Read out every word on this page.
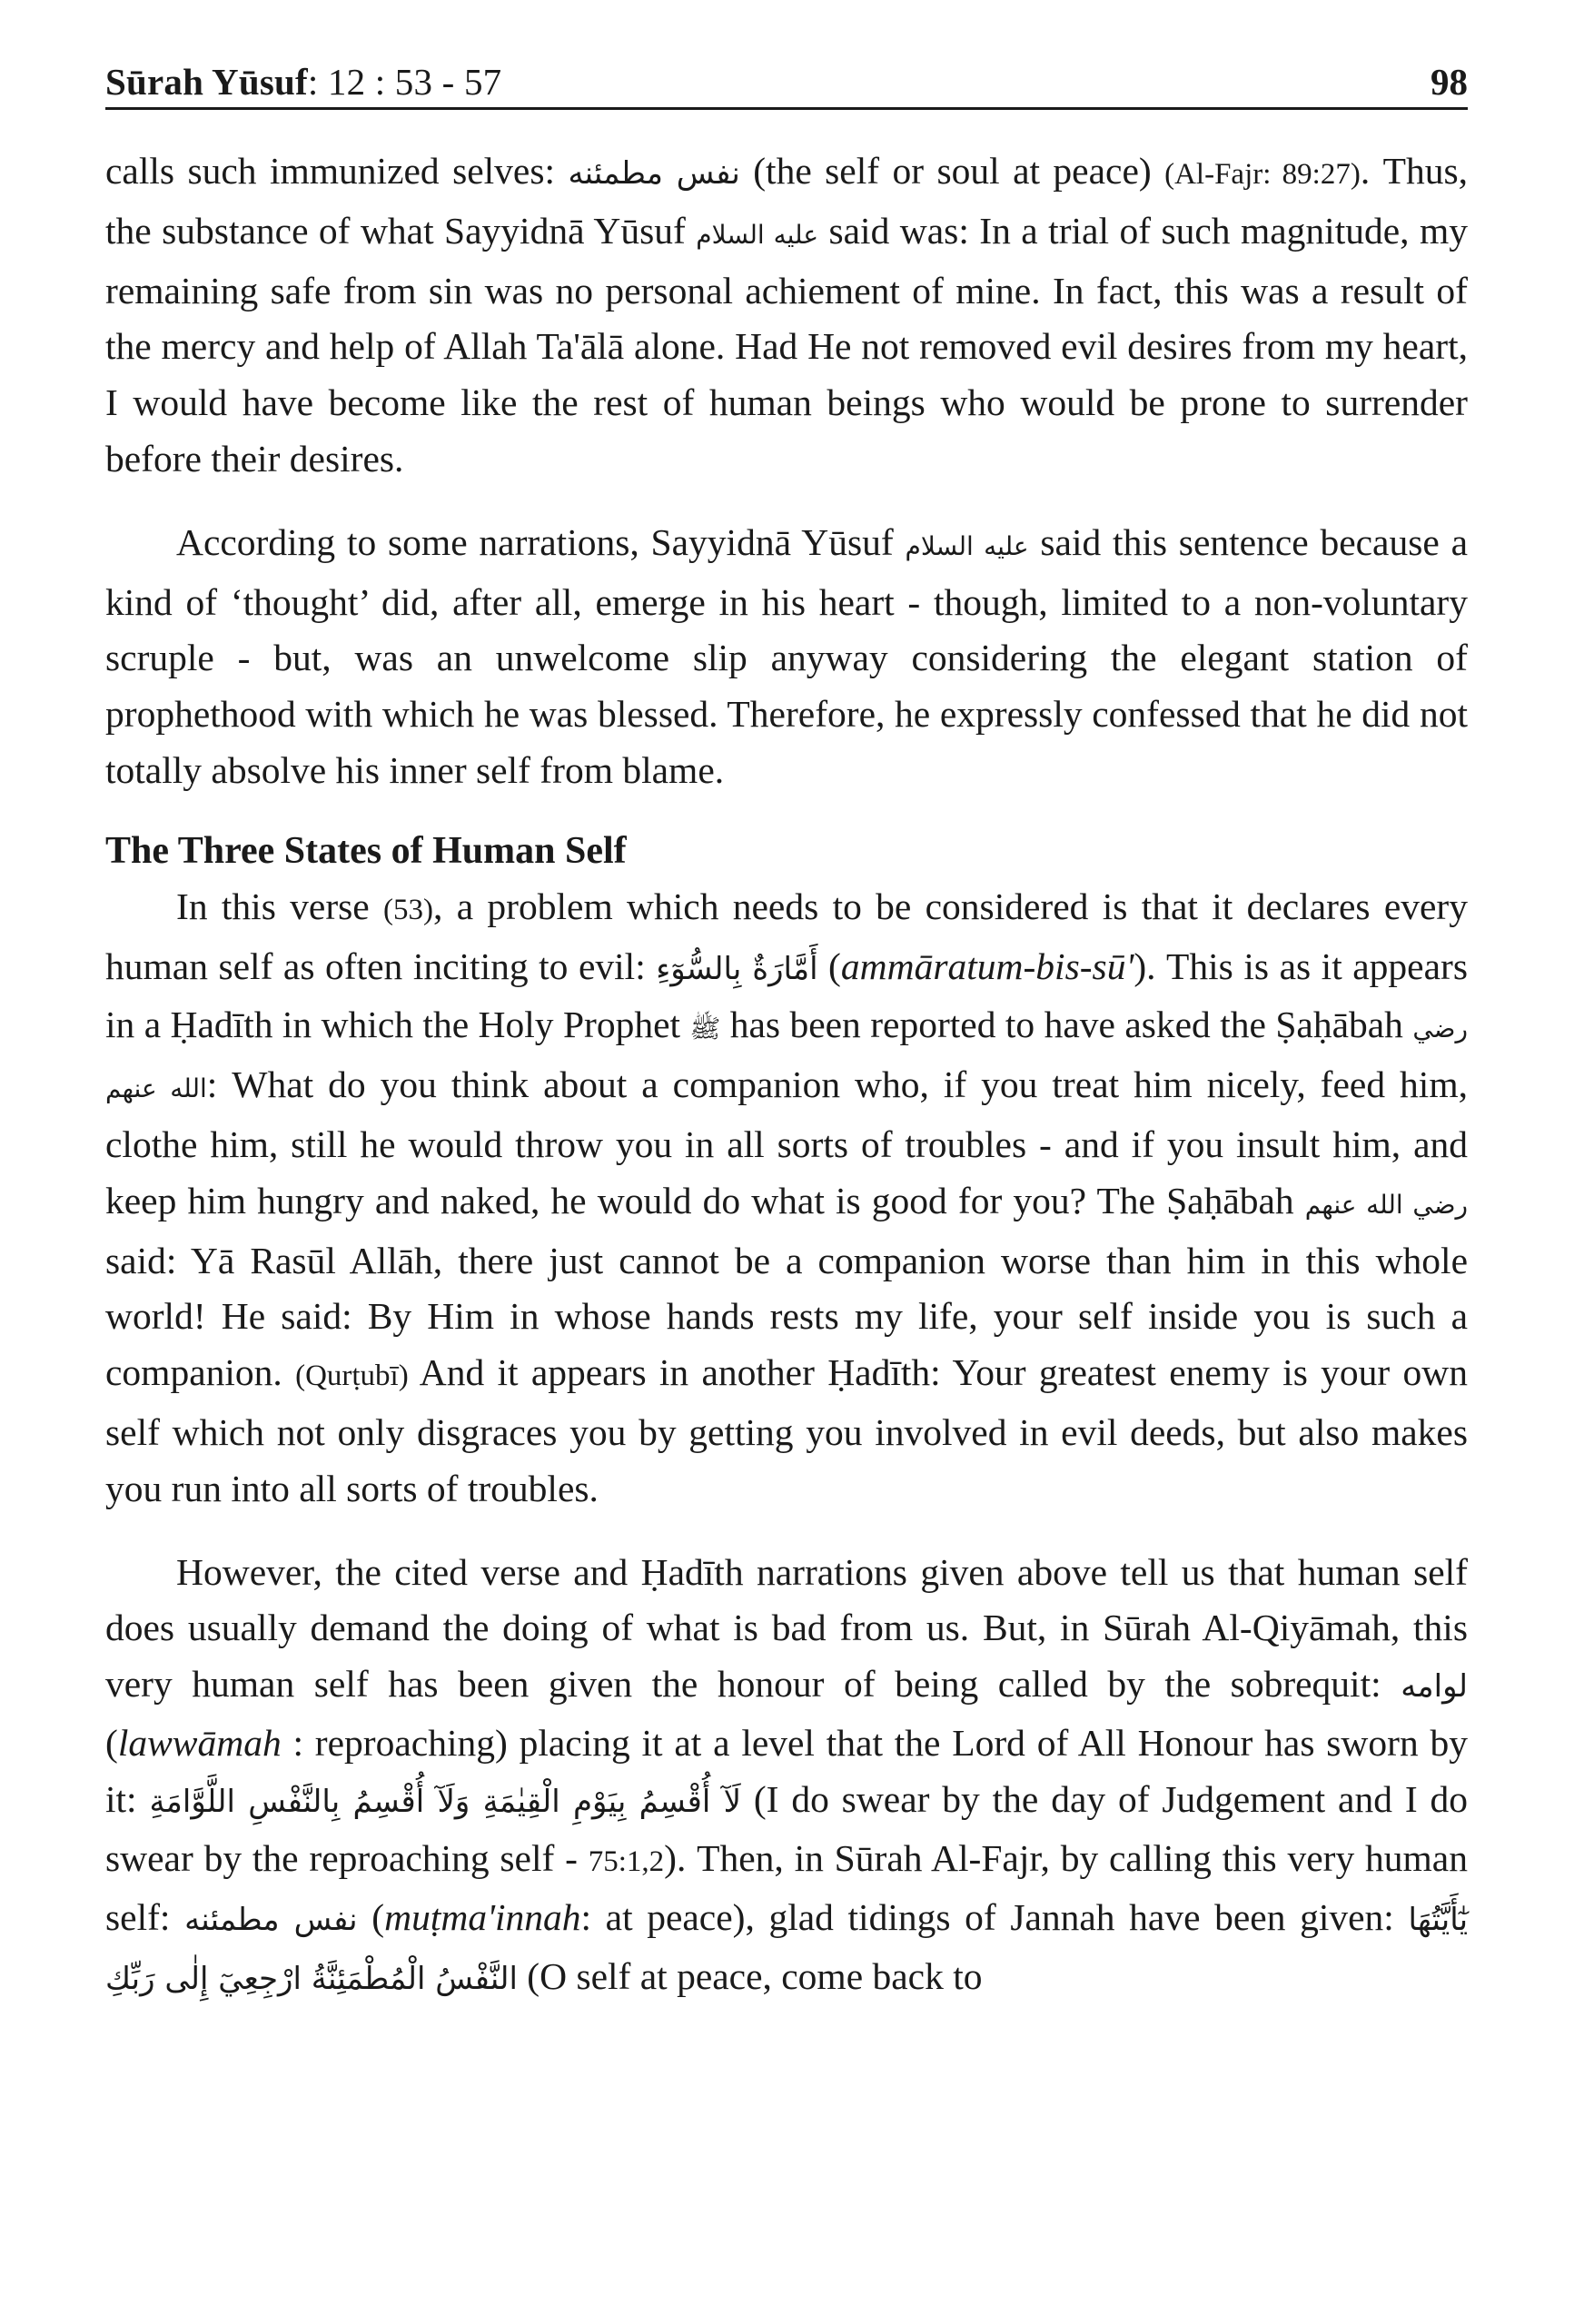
Sūrah Yūsuf: 12 : 53 - 57	98

calls such immunized selves: نفس مطمئنه (the self or soul at peace) (Al-Fajr: 89:27). Thus, the substance of what Sayyidnā Yūsuf عليه السلام said was: In a trial of such magnitude, my remaining safe from sin was no personal achiement of mine. In fact, this was a result of the mercy and help of Allah Ta'ālā alone. Had He not removed evil desires from my heart, I would have become like the rest of human beings who would be prone to surrender before their desires.

According to some narrations, Sayyidnā Yūsuf عليه السلام said this sentence because a kind of ‘thought’ did, after all, emerge in his heart - though, limited to a non-voluntary scruple - but, was an unwelcome slip anyway considering the elegant station of prophethood with which he was blessed. Therefore, he expressly confessed that he did not totally absolve his inner self from blame.

The Three States of Human Self

In this verse (53), a problem which needs to be considered is that it declares every human self as often inciting to evil: أَمَّارَةٌ بِالسُّوٓءِ (ammāratum-bis-sū'). This is as it appears in a Ḥadīth in which the Holy Prophet ﷺ has been reported to have asked the Ṣaḥābah رضي الله عنهم: What do you think about a companion who, if you treat him nicely, feed him, clothe him, still he would throw you in all sorts of troubles - and if you insult him, and keep him hungry and naked, he would do what is good for you? The Ṣaḥābah رضي الله عنهم said: Yā Rasūl Allāh, there just cannot be a companion worse than him in this whole world! He said: By Him in whose hands rests my life, your self inside you is such a companion. (Qurṭubī) And it appears in another Ḥadīth: Your greatest enemy is your own self which not only disgraces you by getting you involved in evil deeds, but also makes you run into all sorts of troubles.

However, the cited verse and Ḥadīth narrations given above tell us that human self does usually demand the doing of what is bad from us. But, in Sūrah Al-Qiyāmah, this very human self has been given the honour of being called by the sobrequit: لوامه (lawwāmah : reproaching) placing it at a level that the Lord of All Honour has sworn by it: لَآ أُقْسِمُ بِيَوْمِ الْقِيٰمَةِ وَلَآ أُقْسِمُ بِالنَّفْسِ اللَّوَّامَةِ (I do swear by the day of Judgement and I do swear by the reproaching self - 75:1,2). Then, in Sūrah Al-Fajr, by calling this very human self: نفس مطمئنه (muṭma'innah: at peace), glad tidings of Jannah have been given: يٰٓأَيَّتُهَا النَّفْسُ الْمُطْمَئِنَّةُ ارْجِعِيٓ إِلٰى رَبِّكِ (O self at peace, come back to
